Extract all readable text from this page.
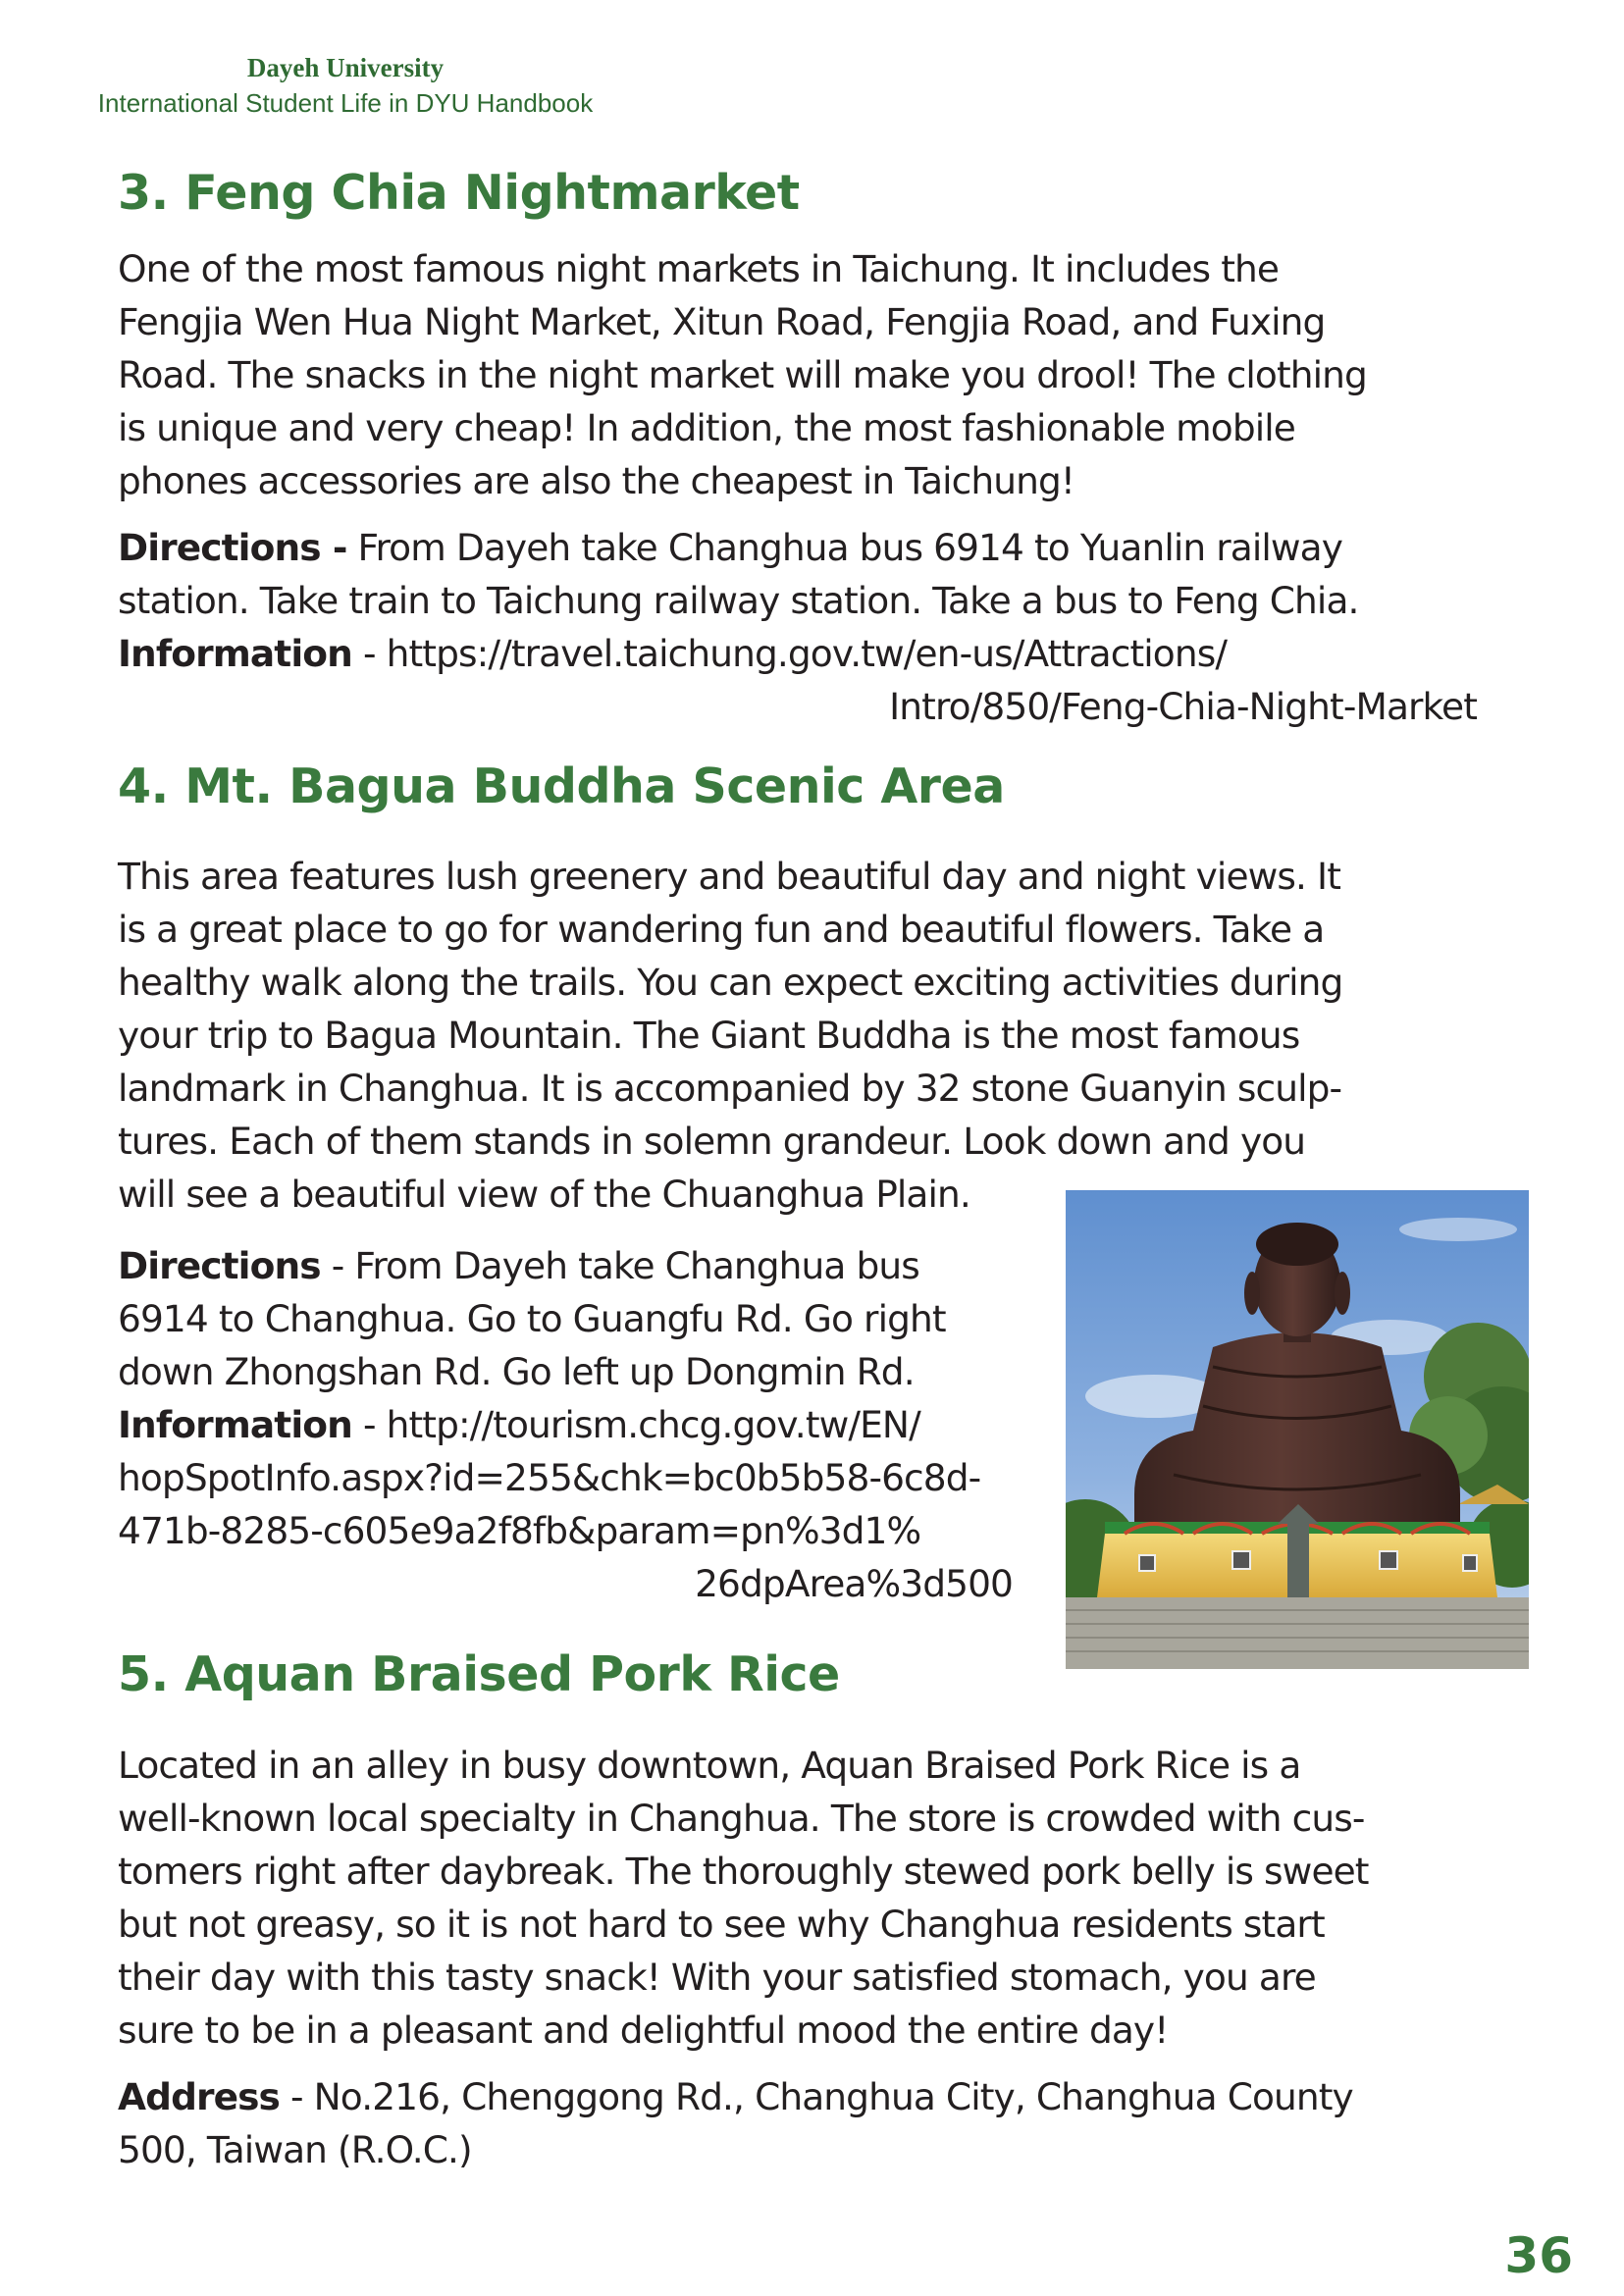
Dayeh University
International Student Life in DYU Handbook
3. Feng Chia Nightmarket
One of the most famous night markets in Taichung. It includes the
Fengjia Wen Hua Night Market, Xitun Road, Fengjia Road, and Fuxing
Road. The snacks in the night market will make you drool! The clothing
is unique and very cheap! In addition, the most fashionable mobile
phones accessories are also the cheapest in Taichung!
Directions - From Dayeh take Changhua bus 6914 to Yuanlin railway
station. Take train to Taichung railway station. Take a bus to Feng Chia.
Information - https://travel.taichung.gov.tw/en-us/Attractions/
Intro/850/Feng-Chia-Night-Market
4. Mt. Bagua Buddha Scenic Area
This area features lush greenery and beautiful day and night views. It
is a great place to go for wandering fun and beautiful flowers. Take a
healthy walk along the trails. You can expect exciting activities during
your trip to Bagua Mountain. The Giant Buddha is the most famous
landmark in Changhua. It is accompanied by 32 stone Guanyin sculp-
tures. Each of them stands in solemn grandeur. Look down and you
will see a beautiful view of the Chuanghua Plain.
Directions - From Dayeh take Changhua bus
6914 to Changhua. Go to Guangfu Rd. Go right
down Zhongshan Rd. Go left up Dongmin Rd.
Information - http://tourism.chcg.gov.tw/EN/
hopSpotInfo.aspx?id=255&chk=bc0b5b58-6c8d-
471b-8285-c605e9a2f8fb&param=pn%3d1%
26dpArea%3d500
5. Aquan Braised Pork Rice
Located in an alley in busy downtown, Aquan Braised Pork Rice is a
well-known local specialty in Changhua. The store is crowded with cus-
tomers right after daybreak. The thoroughly stewed pork belly is sweet
but not greasy, so it is not hard to see why Changhua residents start
their day with this tasty snack! With your satisfied stomach, you are
sure to be in a pleasant and delightful mood the entire day!
Address - No.216, Chenggong Rd., Changhua City, Changhua County
500, Taiwan (R.O.C.)
36
